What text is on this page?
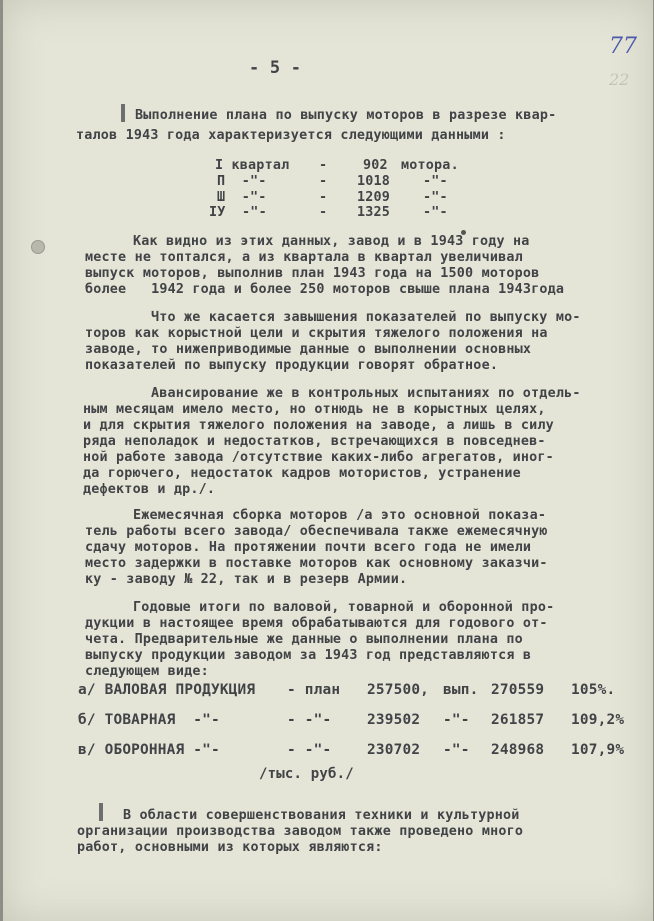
- 5 -
77
22
Выполнение плана по выпуску моторов в разрезе квар-
талов 1943 года характеризуется следующими данными :
I квартал -	902 мотора.
П  -"-	- 1018 -"-
Ш  -"-	- 1209 -"-
IУ  -"-	- 1325 -"-
Как видно из этих данных, завод и в 1943 году на
месте не топтался, а из квартала в квартал увеличивал
выпуск моторов, выполнив план 1943 года на 1500 моторов
более   1942 года и более 250 моторов свыше плана 1943года
Что же касается завышения показателей по выпуску мо-
торов как корыстной цели и скрытия тяжелого положения на
заводе, то нижеприводимые данные о выполнении основных
показателей по выпуску продукции говорят обратное.
Авансирование же в контрольных испытаниях по отдель-
ным месяцам имело место, но отнюдь не в корыстных целях,
и для скрытия тяжелого положения на заводе, а лишь в силу
ряда неполадок и недостатков, встречающихся в повседнев-
ной работе завода /отсутствие каких-либо агрегатов, иног-
да горючего, недостаток кадров мотористов, устранение
дефектов и др./.
Ежемесячная сборка моторов /а это основной показа-
тель работы всего завода/ обеспечивала также ежемесячную
сдачу моторов. На протяжении почти всего года не имели
место задержки в поставке моторов как основному заказчи-
ку - заводу № 22, так и в резерв Армии.
Годовые итоги по валовой, товарной и оборонной про-
дукции в настоящее время обрабатываются для годового от-
чета. Предварительные же данные о выполнении плана по
выпуску продукции заводом за 1943 год представляются в
следующем виде:
а/ ВАЛОВАЯ ПРОДУКЦИЯ - план 257500, вып. 270559 105%.
б/ ТОВАРНАЯ  -"-	- -"- 239502 -"- 261857 109,2%
в/ ОБОРОННАЯ -"-	- -"- 230702 -"- 248968 107,9%
/тыс. руб./
В области совершенствования техники и культурной
организации производства заводом также проведено много
работ, основными из которых являются:
